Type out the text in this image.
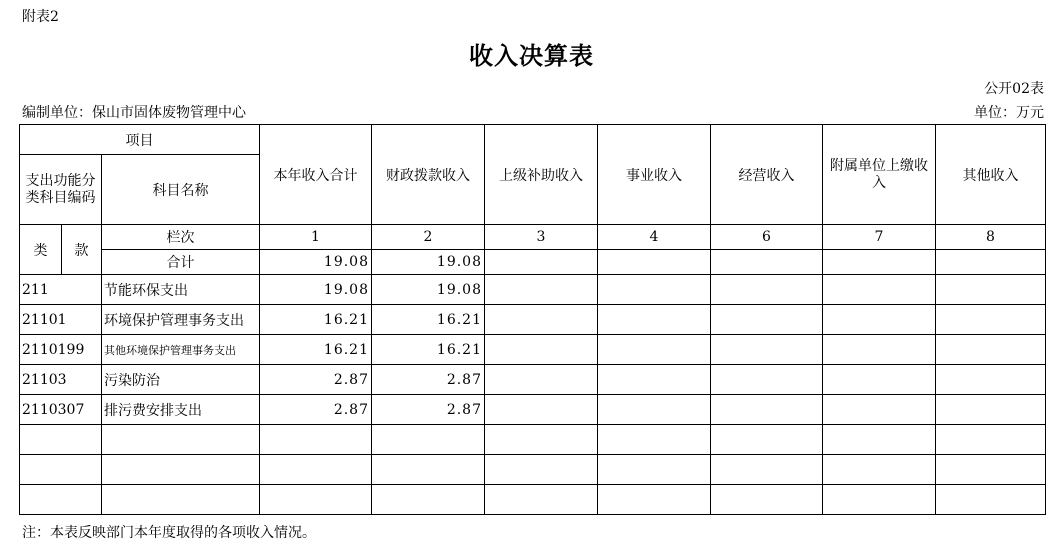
附表2
收入决算表
公开02表
编制单位：保山市固体废物管理中心	单位：万元
项目			本年收入合计	财政拨款收入	上级补助收入	事业收入	经营收入	附属单位上缴收入	其他收入
支出功能分类科目编码		科目名称							

类	款	栏次	1	2	3	4	6	7	8
		合计	19.08	19.08					
211		节能环保支出	19.08	19.08					
21101		环境保护管理事务支出	16.21	16.21					
2110199		其他环境保护管理事务支出	16.21	16.21					
21103		污染防治	2.87	2.87					
2110307		排污费安排支出	2.87	2.87					

注：本表反映部门本年度取得的各项收入情况。
